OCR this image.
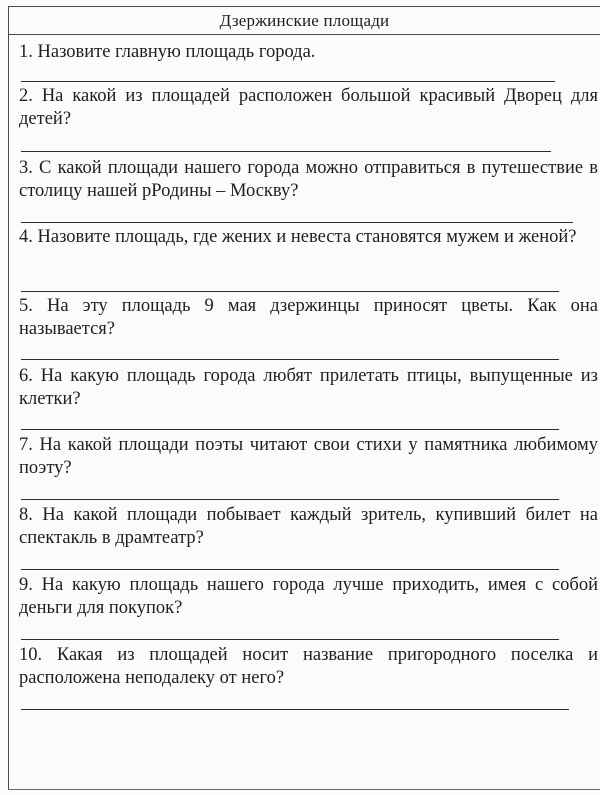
Дзержинские площади
1. Назовите главную площадь города.
2. На какой из площадей расположен большой красивый Дворец для детей?
3. С какой площади нашего города можно отправиться в путешествие в столицу нашей рРодины – Москву?
4. Назовите площадь, где жених и невеста становятся мужем и женой?
5. На эту площадь 9 мая дзержинцы приносят цветы. Как она называется?
6. На какую площадь города любят прилетать птицы, выпущенные из клетки?
7. На какой площади поэты читают свои стихи у памятника любимому поэту?
8. На какой площади побывает каждый зритель, купивший билет на спектакль в драмтеатр?
9. На какую площадь нашего города лучше приходить, имея с собой деньги для покупок?
10. Какая из площадей носит название пригородного поселка и расположена неподалеку от него?
